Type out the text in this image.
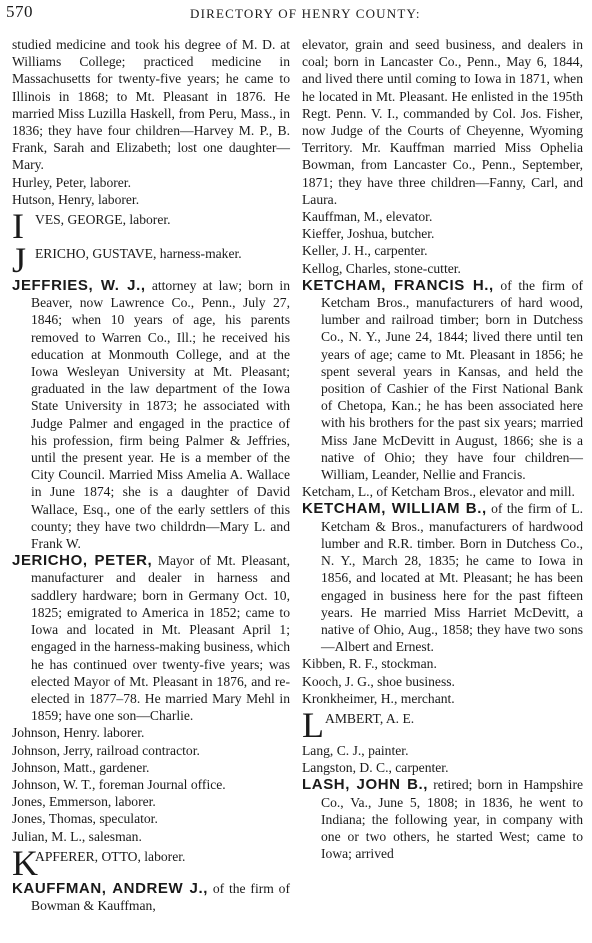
570	DIRECTORY OF HENRY COUNTY:

studied medicine and took his degree of M. D. at Williams College; practiced medicine in Massachusetts for twenty-five years; he came to Illinois in 1868; to Mt. Pleasant in 1876. He married Miss Luzilla Haskell, from Peru, Mass., in 1836; they have four children—Harvey M. P., B. Frank, Sarah and Elizabeth; lost one daughter—Mary.

Hurley, Peter, laborer.

Hutson, Henry, laborer.

I VES, GEORGE, laborer.
J ERICHO, GUSTAVE, harness-maker.

JEFFRIES, W. J., attorney at law; born in Beaver, now Lawrence Co., Penn., July 27, 1846; when 10 years of age, his parents removed to Warren Co., Ill.; he received his education at Monmouth College, and at the Iowa Wesleyan University at Mt. Pleasant; graduated in the law department of the Iowa State University in 1873; he associated with Judge Palmer and engaged in the practice of his profession, firm being Palmer & Jeffries, until the present year. He is a member of the City Council. Married Miss Amelia A. Wallace in June 1874; she is a daughter of David Wallace, Esq., one of the early settlers of this county; they have two childrdn—Mary L. and Frank W.

JERICHO, PETER, Mayor of Mt. Pleasant, manufacturer and dealer in harness and saddlery hardware; born in Germany Oct. 10, 1825; emigrated to America in 1852; came to Iowa and located in Mt. Pleasant April 1; engaged in the harness-making business, which he has continued over twenty-five years; was elected Mayor of Mt. Pleasant in 1876, and re-elected in 1877–78. He married Mary Mehl in 1859; have one son—Charlie.

Johnson, Henry. laborer.

Johnson, Jerry, railroad contractor.

Johnson, Matt., gardener.

Johnson, W. T., foreman Journal office.

Jones, Emmerson, laborer.

Jones, Thomas, speculator.

Julian, M. L., salesman.

K
APFERER, OTTO, laborer.

KAUFFMAN, ANDREW J., of the firm of Bowman & Kauffman,

elevator, grain and seed business, and dealers in coal; born in Lancaster Co., Penn., May 6, 1844, and lived there until coming to Iowa in 1871, when he located in Mt. Pleasant. He enlisted in the 195th Regt. Penn. V. I., commanded by Col. Jos. Fisher, now Judge of the Courts of Cheyenne, Wyoming Territory. Mr. Kauffman married Miss Ophelia Bowman, from Lancaster Co., Penn., September, 1871; they have three children—Fanny, Carl, and Laura.

Kauffman, M., elevator.

Kieffer, Joshua, butcher.

Keller, J. H., carpenter.

Kellog, Charles, stone-cutter.

KETCHAM, FRANCIS H., of the firm of Ketcham Bros., manufacturers of hard wood, lumber and railroad timber; born in Dutchess Co., N. Y., June 24, 1844; lived there until ten years of age; came to Mt. Pleasant in 1856; he spent several years in Kansas, and held the position of Cashier of the First National Bank of Chetopa, Kan.; he has been associated here with his brothers for the past six years; married Miss Jane McDevitt in August, 1866; she is a native of Ohio; they have four children—William, Leander, Nellie and Francis.

Ketcham, L., of Ketcham Bros., elevator and mill.

KETCHAM, WILLIAM B., of the firm of L. Ketcham & Bros., manufacturers of hardwood lumber and R.R. timber. Born in Dutchess Co., N. Y., March 28, 1835; he came to Iowa in 1856, and located at Mt. Pleasant; he has been engaged in business here for the past fifteen years. He married Miss Harriet McDevitt, a native of Ohio, Aug., 1858; they have two sons—Albert and Ernest.

Kibben, R. F., stockman.

Kooch, J. G., shoe business.

Kronkheimer, H., merchant.

L AMBERT, A. E.

Lang, C. J., painter.

Langston, D. C., carpenter.

LASH, JOHN B., retired; born in Hampshire Co., Va., June 5, 1808; in 1836, he went to Indiana; the following year, in company with one or two others, he started West; came to Iowa; arrived
